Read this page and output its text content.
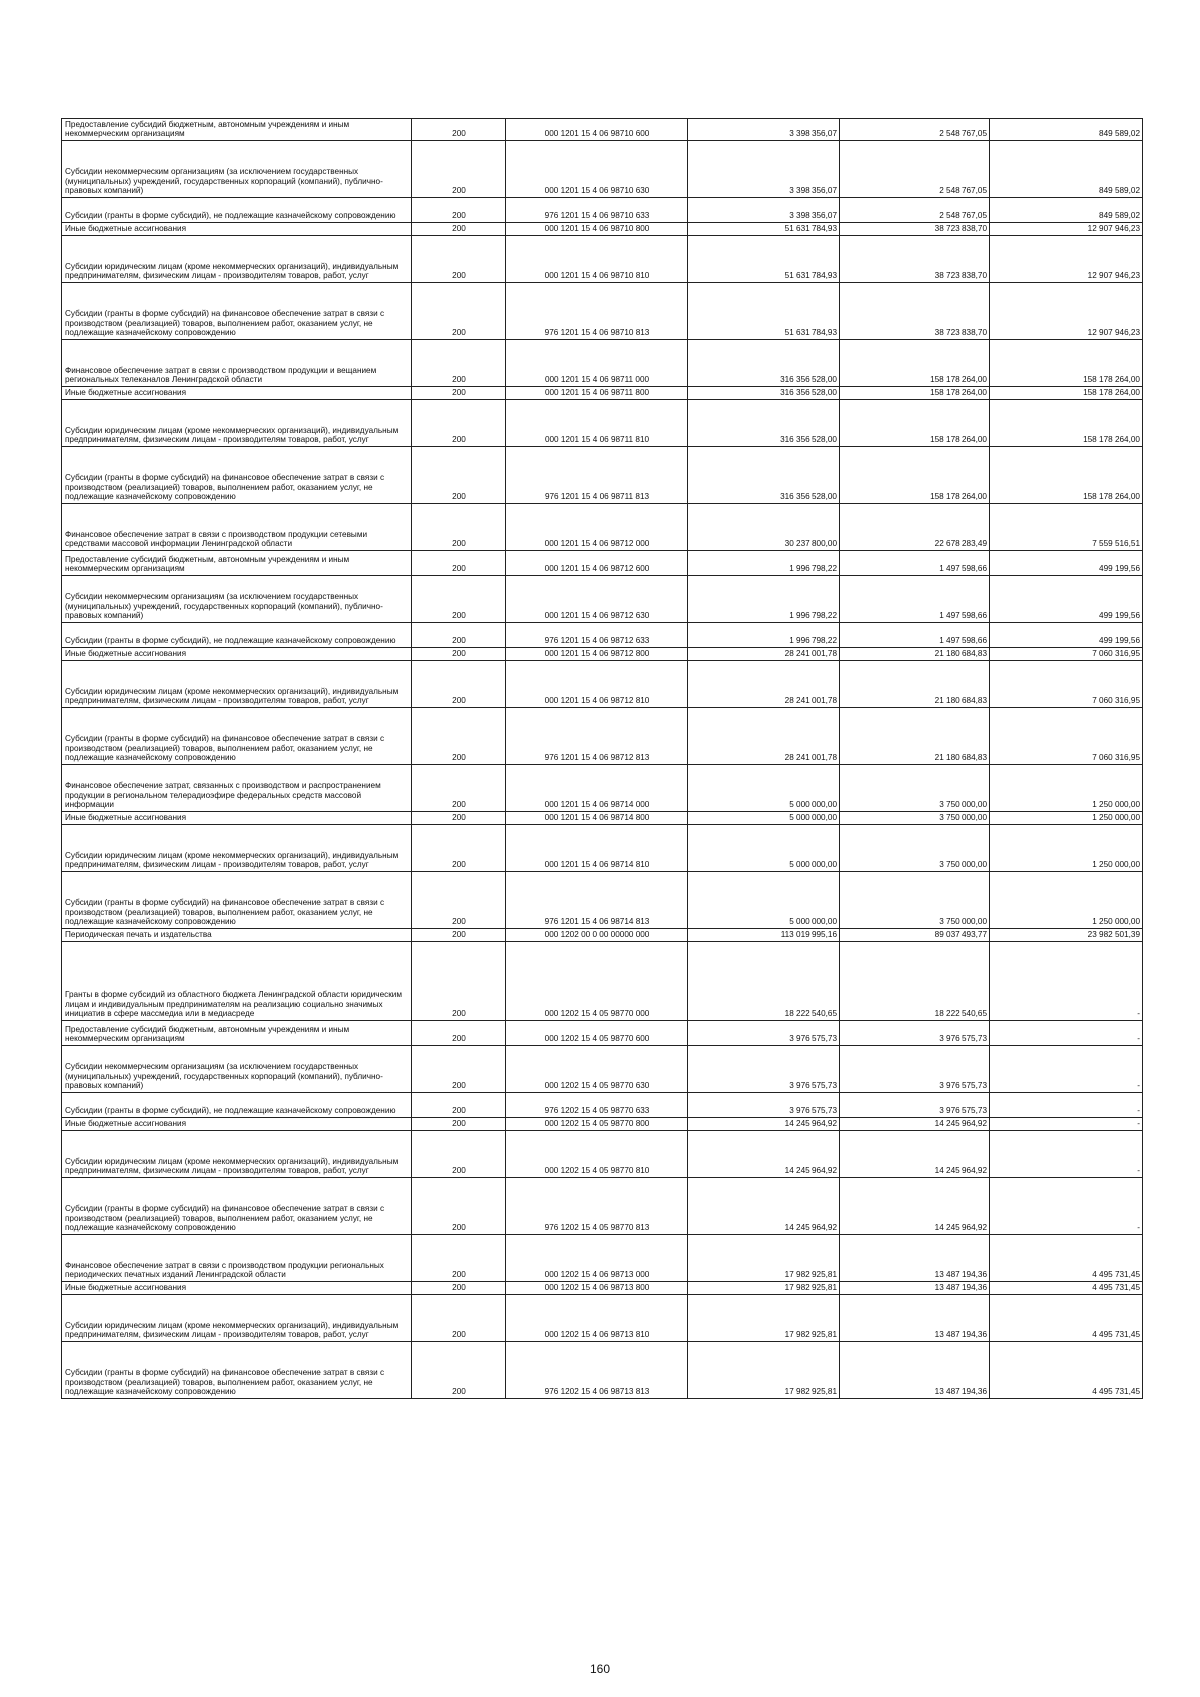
Предоставление субсидий бюджетным, автономным учреждениям и иным некоммерческим организациям	200	000 1201 15 4 06 98710 600	3 398 356,07	2 548 767,05	849 589,02
Субсидии некоммерческим организациям (за исключением государственных (муниципальных) учреждений, государственных корпораций (компаний), публично-правовых компаний)	200	000 1201 15 4 06 98710 630	3 398 356,07	2 548 767,05	849 589,02
Субсидии (гранты в форме субсидий), не подлежащие казначейскому сопровождению	200	976 1201 15 4 06 98710 633	3 398 356,07	2 548 767,05	849 589,02
Иные бюджетные ассигнования	200	000 1201 15 4 06 98710 800	51 631 784,93	38 723 838,70	12 907 946,23
Субсидии юридическим лицам (кроме некоммерческих организаций), индивидуальным предпринимателям, физическим лицам - производителям товаров, работ, услуг	200	000 1201 15 4 06 98710 810	51 631 784,93	38 723 838,70	12 907 946,23
Субсидии (гранты в форме субсидий) на финансовое обеспечение затрат в связи с производством (реализацией) товаров, выполнением работ, оказанием услуг, не подлежащие казначейскому сопровождению	200	976 1201 15 4 06 98710 813	51 631 784,93	38 723 838,70	12 907 946,23
Финансовое обеспечение затрат в связи с производством продукции и вещанием региональных телеканалов Ленинградской области	200	000 1201 15 4 06 98711 000	316 356 528,00	158 178 264,00	158 178 264,00
Иные бюджетные ассигнования	200	000 1201 15 4 06 98711 800	316 356 528,00	158 178 264,00	158 178 264,00
Субсидии юридическим лицам (кроме некоммерческих организаций), индивидуальным предпринимателям, физическим лицам - производителям товаров, работ, услуг	200	000 1201 15 4 06 98711 810	316 356 528,00	158 178 264,00	158 178 264,00
Субсидии (гранты в форме субсидий) на финансовое обеспечение затрат в связи с производством (реализацией) товаров, выполнением работ, оказанием услуг, не подлежащие казначейскому сопровождению	200	976 1201 15 4 06 98711 813	316 356 528,00	158 178 264,00	158 178 264,00
Финансовое обеспечение затрат в связи с производством продукции сетевыми средствами массовой информации Ленинградской области	200	000 1201 15 4 06 98712 000	30 237 800,00	22 678 283,49	7 559 516,51
Предоставление субсидий бюджетным, автономным учреждениям и иным некоммерческим организациям	200	000 1201 15 4 06 98712 600	1 996 798,22	1 497 598,66	499 199,56
Субсидии некоммерческим организациям (за исключением государственных (муниципальных) учреждений, государственных корпораций (компаний), публично-правовых компаний)	200	000 1201 15 4 06 98712 630	1 996 798,22	1 497 598,66	499 199,56
Субсидии (гранты в форме субсидий), не подлежащие казначейскому сопровождению	200	976 1201 15 4 06 98712 633	1 996 798,22	1 497 598,66	499 199,56
Иные бюджетные ассигнования	200	000 1201 15 4 06 98712 800	28 241 001,78	21 180 684,83	7 060 316,95
Субсидии юридическим лицам (кроме некоммерческих организаций), индивидуальным предпринимателям, физическим лицам - производителям товаров, работ, услуг	200	000 1201 15 4 06 98712 810	28 241 001,78	21 180 684,83	7 060 316,95
Субсидии (гранты в форме субсидий) на финансовое обеспечение затрат в связи с производством (реализацией) товаров, выполнением работ, оказанием услуг, не подлежащие казначейскому сопровождению	200	976 1201 15 4 06 98712 813	28 241 001,78	21 180 684,83	7 060 316,95
Финансовое обеспечение затрат, связанных с производством и распространением продукции в региональном телерадиоэфире федеральных средств массовой информации	200	000 1201 15 4 06 98714 000	5 000 000,00	3 750 000,00	1 250 000,00
Иные бюджетные ассигнования	200	000 1201 15 4 06 98714 800	5 000 000,00	3 750 000,00	1 250 000,00
Субсидии юридическим лицам (кроме некоммерческих организаций), индивидуальным предпринимателям, физическим лицам - производителям товаров, работ, услуг	200	000 1201 15 4 06 98714 810	5 000 000,00	3 750 000,00	1 250 000,00
Субсидии (гранты в форме субсидий) на финансовое обеспечение затрат в связи с производством (реализацией) товаров, выполнением работ, оказанием услуг, не подлежащие казначейскому сопровождению	200	976 1201 15 4 06 98714 813	5 000 000,00	3 750 000,00	1 250 000,00
Периодическая печать и издательства	200	000 1202 00 0 00 00000 000	113 019 995,16	89 037 493,77	23 982 501,39
Гранты в форме субсидий из областного бюджета Ленинградской области юридическим лицам и индивидуальным предпринимателям на реализацию социально значимых инициатив в сфере массмедиа или в медиасреде	200	000 1202 15 4 05 98770 000	18 222 540,65	18 222 540,65	-
Предоставление субсидий бюджетным, автономным учреждениям и иным некоммерческим организациям	200	000 1202 15 4 05 98770 600	3 976 575,73	3 976 575,73	-
Субсидии некоммерческим организациям (за исключением государственных (муниципальных) учреждений, государственных корпораций (компаний), публично-правовых компаний)	200	000 1202 15 4 05 98770 630	3 976 575,73	3 976 575,73	-
Субсидии (гранты в форме субсидий), не подлежащие казначейскому сопровождению	200	976 1202 15 4 05 98770 633	3 976 575,73	3 976 575,73	-
Иные бюджетные ассигнования	200	000 1202 15 4 05 98770 800	14 245 964,92	14 245 964,92	-
Субсидии юридическим лицам (кроме некоммерческих организаций), индивидуальным предпринимателям, физическим лицам - производителям товаров, работ, услуг	200	000 1202 15 4 05 98770 810	14 245 964,92	14 245 964,92	-
Субсидии (гранты в форме субсидий) на финансовое обеспечение затрат в связи с производством (реализацией) товаров, выполнением работ, оказанием услуг, не подлежащие казначейскому сопровождению	200	976 1202 15 4 05 98770 813	14 245 964,92	14 245 964,92	-
Финансовое обеспечение затрат в связи с производством продукции региональных периодических печатных изданий Ленинградской области	200	000 1202 15 4 06 98713 000	17 982 925,81	13 487 194,36	4 495 731,45
Иные бюджетные ассигнования	200	000 1202 15 4 06 98713 800	17 982 925,81	13 487 194,36	4 495 731,45
Субсидии юридическим лицам (кроме некоммерческих организаций), индивидуальным предпринимателям, физическим лицам - производителям товаров, работ, услуг	200	000 1202 15 4 06 98713 810	17 982 925,81	13 487 194,36	4 495 731,45
Субсидии (гранты в форме субсидий) на финансовое обеспечение затрат в связи с производством (реализацией) товаров, выполнением работ, оказанием услуг, не подлежащие казначейскому сопровождению	200	976 1202 15 4 06 98713 813	17 982 925,81	13 487 194,36	4 495 731,45
160
